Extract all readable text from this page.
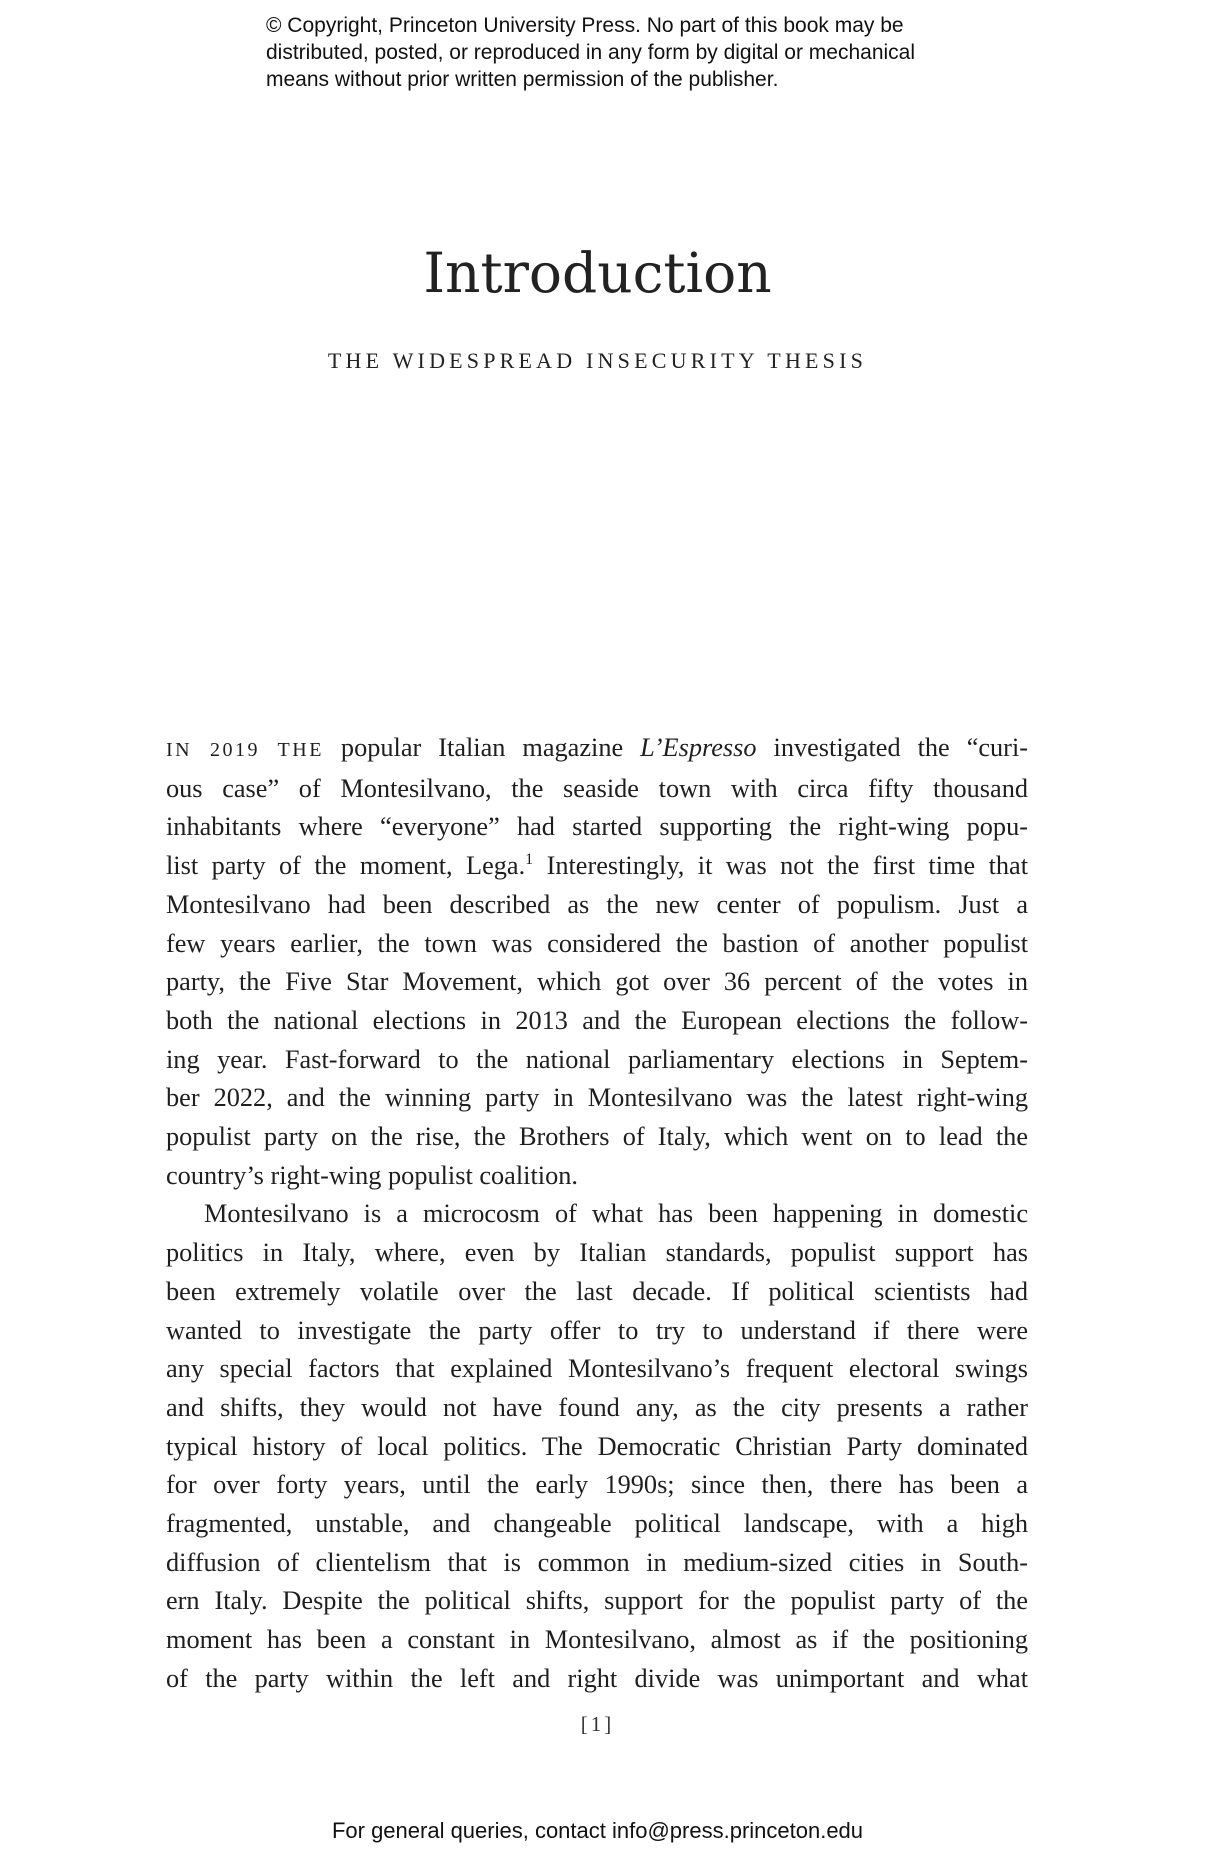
© Copyright, Princeton University Press. No part of this book may be
distributed, posted, or reproduced in any form by digital or mechanical
means without prior written permission of the publisher.
Introduction
THE WIDESPREAD INSECURITY THESIS
IN 2019 THE popular Italian magazine L’Espresso investigated the “curi-
ous case” of Montesilvano, the seaside town with circa fifty thousand
inhabitants where “everyone” had started supporting the right-wing popu-
list party of the moment, Lega.$^1$ Interestingly, it was not the first time that
Montesilvano had been described as the new center of populism. Just a
few years earlier, the town was considered the bastion of another populist
party, the Five Star Movement, which got over 36 percent of the votes in
both the national elections in 2013 and the European elections the follow-
ing year. Fast-forward to the national parliamentary elections in Septem-
ber 2022, and the winning party in Montesilvano was the latest right-wing
populist party on the rise, the Brothers of Italy, which went on to lead the
country’s right-wing populist coalition.
Montesilvano is a microcosm of what has been happening in domestic
politics in Italy, where, even by Italian standards, populist support has
been extremely volatile over the last decade. If political scientists had
wanted to investigate the party offer to try to understand if there were
any special factors that explained Montesilvano’s frequent electoral swings
and shifts, they would not have found any, as the city presents a rather
typical history of local politics. The Democratic Christian Party dominated
for over forty years, until the early 1990s; since then, there has been a
fragmented, unstable, and changeable political landscape, with a high
diffusion of clientelism that is common in medium-sized cities in South-
ern Italy. Despite the political shifts, support for the populist party of the
moment has been a constant in Montesilvano, almost as if the positioning
of the party within the left and right divide was unimportant and what
[1]
For general queries, contact info@press.princeton.edu
